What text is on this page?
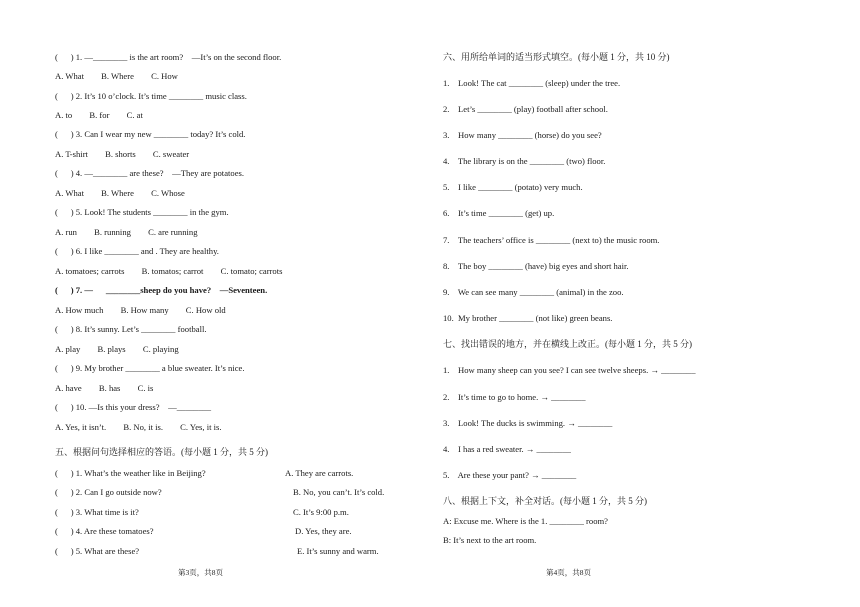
(      ) 1. —________ is the art room?    —It’s on the second floor.
A. What        B. Where        C. How
(      ) 2. It’s 10 o’clock. It’s time ________ music class.
A. to        B. for        C. at
(      ) 3. Can I wear my new ________ today? It’s cold.
A. T-shirt        B. shorts        C. sweater
(      ) 4. —________ are these?    —They are potatoes.
A. What        B. Where        C. Whose
(      ) 5. Look! The students ________ in the gym.
A. run        B. running        C. are running
(      ) 6. I like ________ and . They are healthy.
A. tomatoes; carrots        B. tomatos; carrot        C. tomato; carrots
(      ) 7. —      ________sheep do you have?    —Seventeen.
A. How much        B. How many        C. How old
(      ) 8. It’s sunny. Let’s ________ football.
A. play        B. plays        C. playing
(      ) 9. My brother ________ a blue sweater. It’s nice.
A. have        B. has        C. is
(      ) 10. —Is this your dress?    —________
A. Yes, it isn’t.        B. No, it is.        C. Yes, it is.
五、根据问句选择相应的答语。(每小题 1 分，共 5 分)
(      ) 1. What’s the weather like in Beijing?	A. They are carrots.
(      ) 2. Can I go outside now?	B. No, you can’t. It’s cold.
(      ) 3. What time is it?	C. It’s 9:00 p.m.
(      ) 4. Are these tomatoes?	D. Yes, they are.
(      ) 5. What are these?	E. It’s sunny and warm.
第3页，共8页
六、用所给单词的适当形式填空。(每小题 1 分，共 10 分)
1.    Look! The cat ________ (sleep) under the tree.
2.    Let’s ________ (play) football after school.
3.    How many ________ (horse) do you see?
4.    The library is on the ________ (two) floor.
5.    I like ________ (potato) very much.
6.    It’s time ________ (get) up.
7.    The teachers’ office is ________ (next to) the music room.
8.    The boy ________ (have) big eyes and short hair.
9.    We can see many ________ (animal) in the zoo.
10.  My brother ________ (not like) green beans.
七、找出错误的地方，并在横线上改正。(每小题 1 分，共 5 分)
1.    How many sheep can you see? I can see twelve sheeps. → ________
2.    It’s time to go to home. → ________
3.    Look! The ducks is swimming. → ________
4.    I has a red sweater. → ________
5.    Are these your pant? → ________
八、根据上下文，补全对话。(每小题 1 分，共 5 分)
A: Excuse me. Where is the 1. ________ room?
B: It’s next to the art room.
第4页，共8页
